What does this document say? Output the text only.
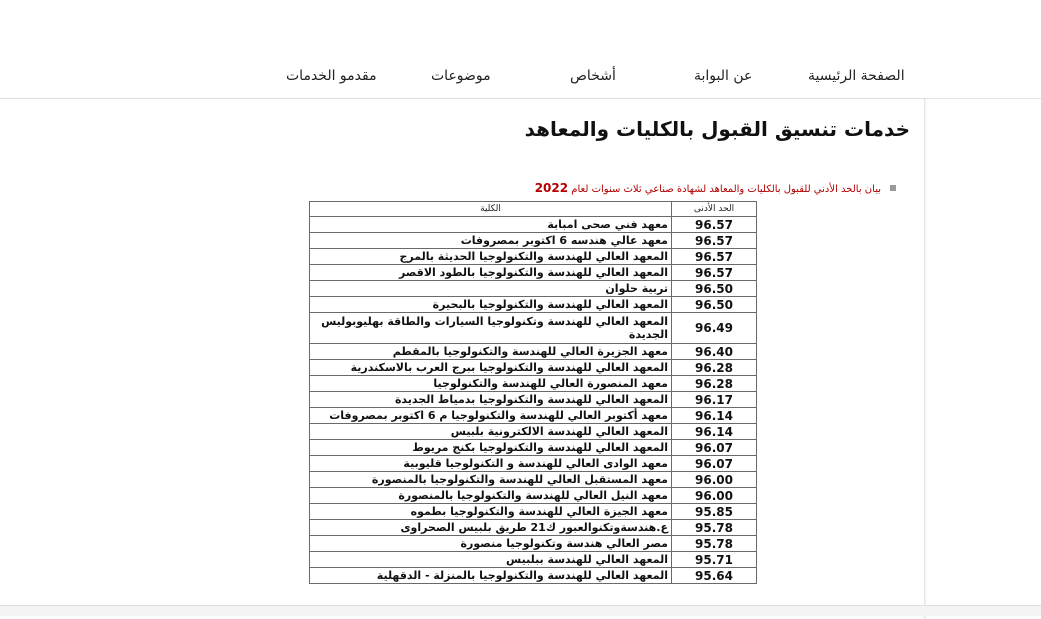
الصفحة الرئيسية
عن البوابة
أشخاص
موضوعات
مقدمو الخدمات
خدمات تنسيق القبول بالكليات والمعاهد
بيان بالحد الأدني للقبول بالكليات والمعاهد لشهادة صناعي ثلاث سنوات لعام 2022
الحد الأدنى	الكلية
96.57	معهد فني صحى امبابة
96.57	معهد عالي هندسه 6 اكتوبر بمصروفات
96.57	المعهد العالي للهندسة والتكنولوجيا الحديثة بالمرج
96.57	المعهد العالي للهندسة والتكنولوجيا بالطود الاقصر
96.50	تربية حلوان
96.50	المعهد العالي للهندسة والتكنولوجيا بالبحيرة
96.49	المعهد العالي للهندسة وتكنولوجيا السيارات والطاقة بهليوبوليس الجديدة
96.40	معهد الجزيرة العالي للهندسة والتكنولوجيا بالمقطم
96.28	المعهد العالي للهندسة والتكنولوجيا ببرج العرب بالاسكندرية
96.28	معهد المنصورة العالي للهندسة والتكنولوجيا
96.17	المعهد العالي للهندسة والتكنولوجيا بدمياط الجديدة
96.14	معهد أكتوبر العالي للهندسة والتكنولوجيا م 6 اكتوبر بمصروفات
96.14	المعهد العالي للهندسة الالكترونية بلبيس
96.07	المعهد العالي للهندسة والتكنولوجيا بكنج مريوط
96.07	معهد الوادى العالي للهندسة و التكنولوجيا قليوبية
96.00	معهد المستقبل العالي للهندسة والتكنولوجيا بالمنصورة
96.00	معهد النيل العالي للهندسة والتكنولوجيا بالمنصورة
95.85	معهد الجيزة العالي للهندسة والتكنولوجيا بطموه
95.78	ع.هندسةوتكنوالعبور ك21 طريق بلبيس الصحراوى
95.78	مصر العالي هندسة وتكنولوجيا منصورة
95.71	المعهد العالي للهندسة ببلبيس
95.64	المعهد العالي للهندسة والتكنولوجيا بالمنزلة - الدقهلية
